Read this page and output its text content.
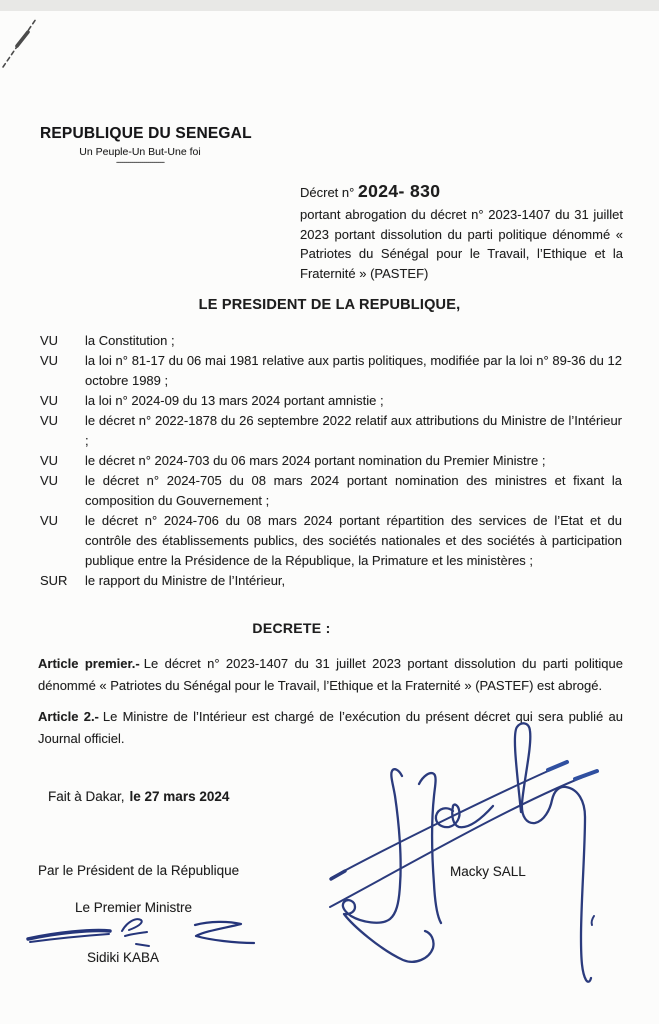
REPUBLIQUE DU SENEGAL
Un Peuple-Un But-Une foi
------------------------
Décret n° 2024- 830

portant abrogation du décret n° 2023-1407 du 31 juillet 2023 portant dissolution du parti politique dénommé « Patriotes du Sénégal pour le Travail, l’Ethique et la Fraternité » (PASTEF)

LE PRESIDENT DE LA REPUBLIQUE,
VU	la Constitution ;

VU	la loi n° 81-17 du 06 mai 1981 relative aux partis politiques, modifiée par la loi n° 89-36 du 12 octobre 1989 ;

VU	la loi n° 2024-09 du 13 mars 2024 portant amnistie ;

VU	le décret n° 2022-1878 du 26 septembre 2022 relatif aux attributions du Ministre de l’Intérieur ;

VU	le décret n° 2024-703 du 06 mars 2024 portant nomination du Premier Ministre ;

VU	le décret n° 2024-705 du 08 mars 2024 portant nomination des ministres et fixant la composition du Gouvernement ;

VU	le décret n° 2024-706 du 08 mars 2024 portant répartition des services de l’Etat et du contrôle des établissements publics, des sociétés nationales et des sociétés à participation publique entre la Présidence de la République, la Primature et les ministères ;

SUR	le rapport du Ministre de l’Intérieur,

DECRETE :

Article premier.- Le décret n° 2023-1407 du 31 juillet 2023 portant dissolution du parti politique dénommé « Patriotes du Sénégal pour le Travail, l’Ethique et la Fraternité » (PASTEF) est abrogé.

Article 2.- Le Ministre de l’Intérieur est chargé de l’exécution du présent décret qui sera publié au Journal officiel.

Fait à Dakar, le 27 mars 2024

Par le Président de la République	Macky SALL
Le Premier Ministre
Sidiki KABA
